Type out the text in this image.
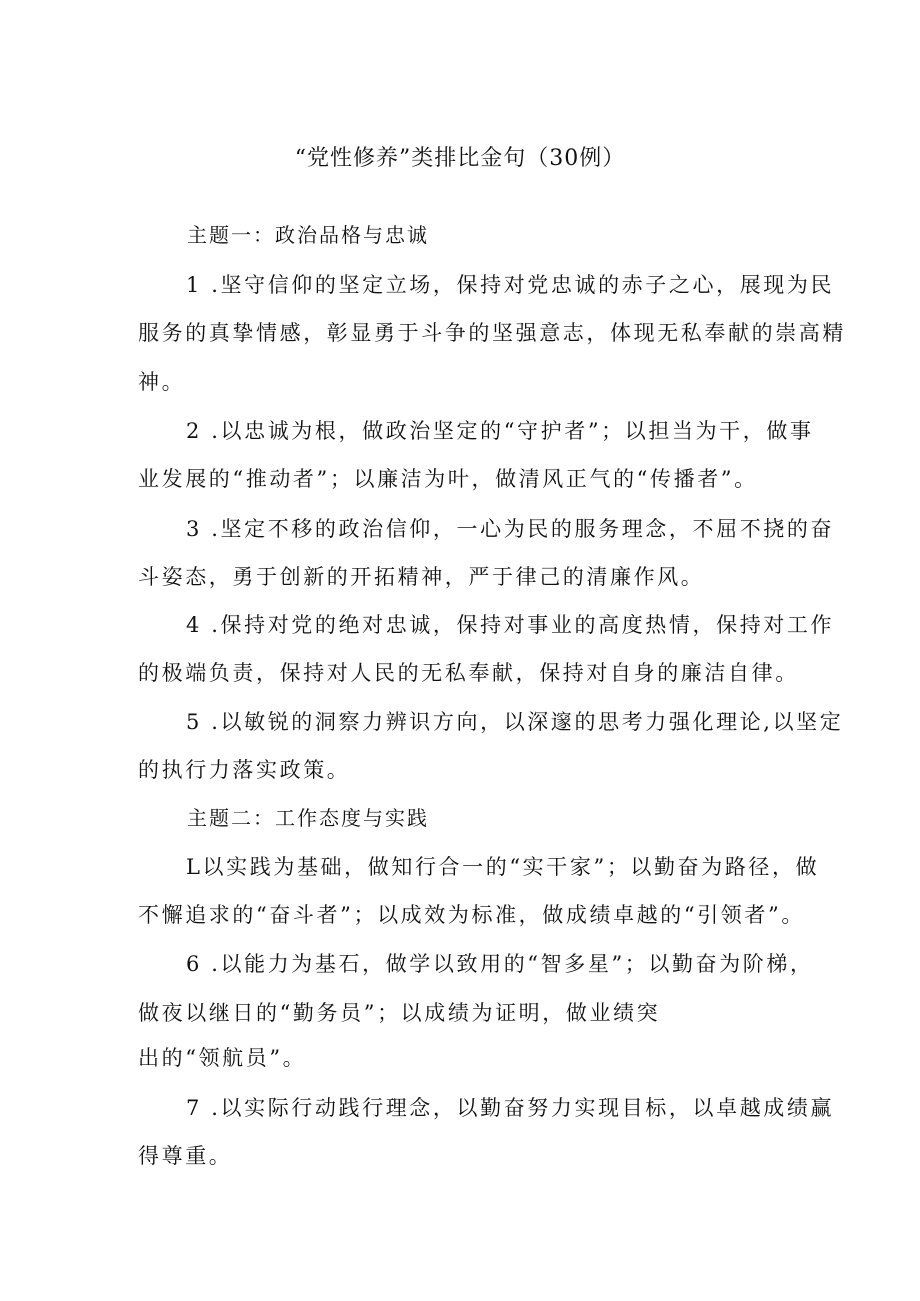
“党性修养”类排比金句（30例）
主题一：政治品格与忠诚
1 .坚守信仰的坚定立场，保持对党忠诚的赤子之心，展现为民
服务的真挚情感，彰显勇于斗争的坚强意志，体现无私奉献的崇高精
神。
2 .以忠诚为根，做政治坚定的“守护者”；以担当为干，做事
业发展的“推动者”；以廉洁为叶，做清风正气的“传播者”。
3 .坚定不移的政治信仰，一心为民的服务理念，不屈不挠的奋
斗姿态，勇于创新的开拓精神，严于律己的清廉作风。
4 .保持对党的绝对忠诚，保持对事业的高度热情，保持对工作
的极端负责，保持对人民的无私奉献，保持对自身的廉洁自律。
5 .以敏锐的洞察力辨识方向，以深邃的思考力强化理论,以坚定
的执行力落实政策。
主题二：工作态度与实践
L以实践为基础，做知行合一的“实干家”；以勤奋为路径，做
不懈追求的“奋斗者”；以成效为标准，做成绩卓越的“引领者”。
6 .以能力为基石，做学以致用的“智多星”；以勤奋为阶梯，
做夜以继日的“勤务员”；以成绩为证明，做业绩突
出的“领航员”。
7 .以实际行动践行理念，以勤奋努力实现目标，以卓越成绩赢
得尊重。
